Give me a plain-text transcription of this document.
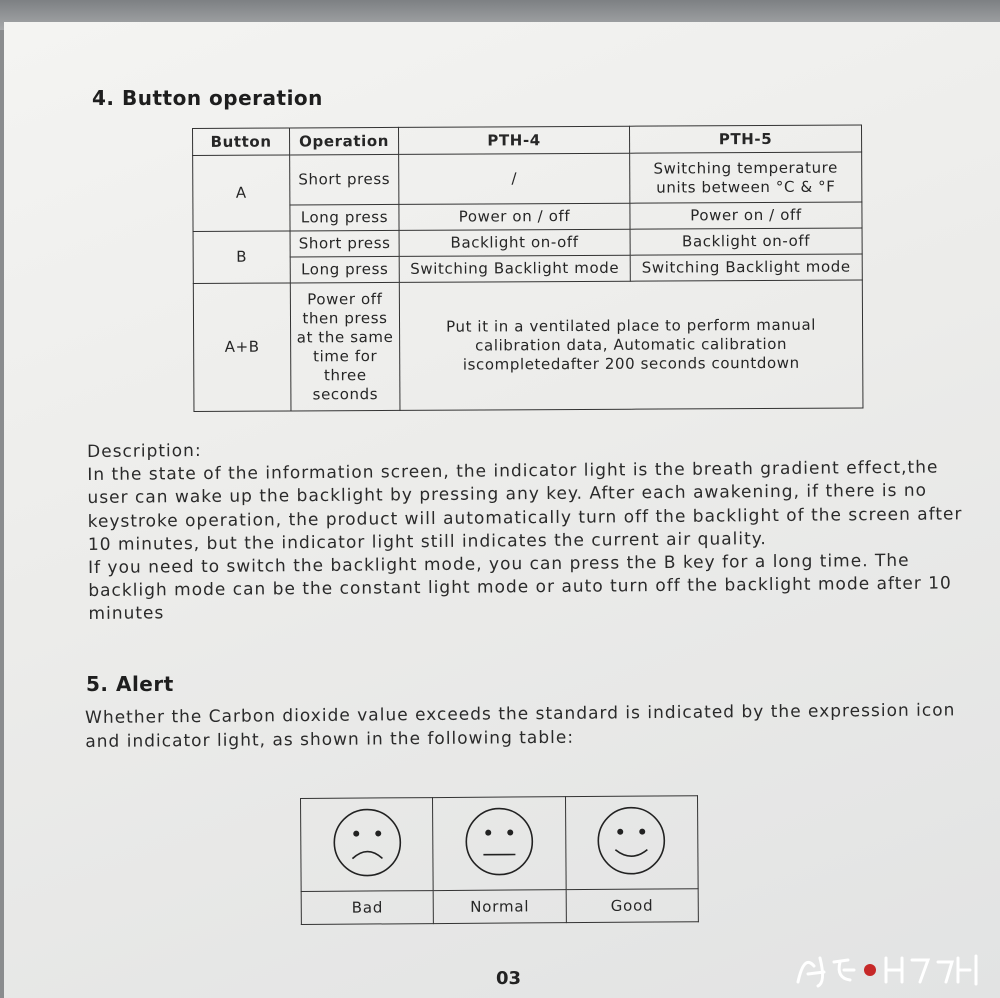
4. Button operation
Button	Operation	PTH-4	PTH-5
A	Short press	/	Switching temperature units between °C & °F
	Long press	Power on / off	Power on / off
B	Short press	Backlight on-off	Backlight on-off
	Long press	Switching Backlight mode	Switching Backlight mode
A+B	Power off then press at the same time for three seconds	Put it in a ventilated place to perform manual calibration data, Automatic calibration iscompletedafter 200 seconds countdown	

Description:

In the state of the information screen, the indicator light is the breath gradient effect,the user can wake up the backlight by pressing any key. After each awakening, if there is no keystroke operation, the product will automatically turn off the backlight of the screen after 10 minutes, but the indicator light still indicates the current air quality.

If you need to switch the backlight mode, you can press the B key for a long time. The backligh mode can be the constant light mode or auto turn off the backlight mode after 10 minutes

5. Alert
Whether the Carbon dioxide value exceeds the standard is indicated by the expression icon and indicator light, as shown in the following table:

Bad	Normal	Good
03
